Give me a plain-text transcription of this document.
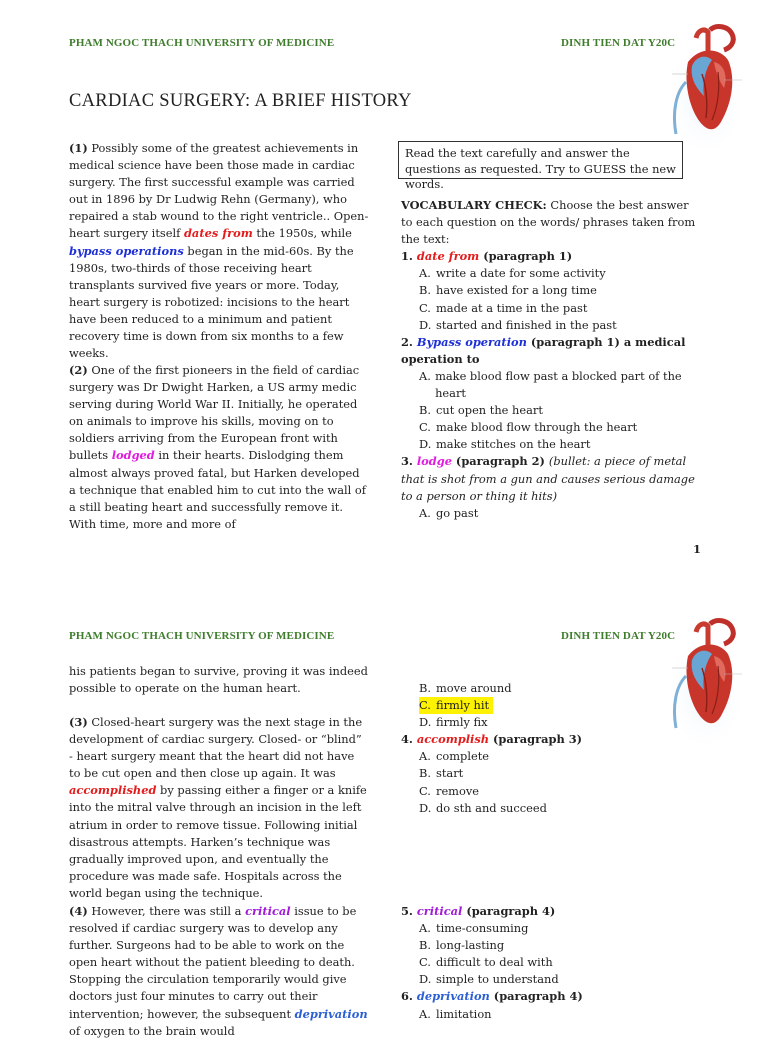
PHAM NGOC THACH UNIVERSITY OF MEDICINE	DINH TIEN DAT Y20C
CARDIAC SURGERY: A BRIEF HISTORY

(1) Possibly some of the greatest achievements in medical science have been those made in cardiac surgery. The first successful example was carried out in 1896 by Dr Ludwig Rehn (Germany), who repaired a stab wound to the right ventricle.. Open-heart surgery itself dates from the 1950s, while bypass operations began in the mid-60s. By the 1980s, two-thirds of those receiving heart transplants survived five years or more. Today, heart surgery is robotized: incisions to the heart have been reduced to a minimum and patient recovery time is down from six months to a few weeks.

(2) One of the first pioneers in the field of cardiac surgery was Dr Dwight Harken, a US army medic serving during World War II. Initially, he operated on animals to improve his skills, moving on to soldiers arriving from the European front with bullets lodged in their hearts. Dislodging them almost always proved fatal, but Harken developed a technique that enabled him to cut into the wall of a still beating heart and successfully remove it. With time, more and more of

Read the text carefully and answer the questions as requested. Try to GUESS the new words.

VOCABULARY CHECK: Choose the best answer to each question on the words/ phrases taken from the text:

1. date from (paragraph 1)

A. write a date for some activity
B. have existed for a long time
C. made at a time in the past
D. started and finished in the past

2. Bypass operation (paragraph 1) a medical operation to

A. make blood flow past a blocked part of the heart
B. cut open the heart
C. make blood flow through the heart
D. make stitches on the heart

3. lodge (paragraph 2) (bullet: a piece of metal that is shot from a gun and causes serious damage to a person or thing it hits)

A. go past
1
PHAM NGOC THACH UNIVERSITY OF MEDICINE	DINH TIEN DAT Y20C

his patients began to survive, proving it was indeed possible to operate on the human heart.

(3) Closed-heart surgery was the next stage in the development of cardiac surgery. Closed- or “blind” - heart surgery meant that the heart did not have to be cut open and then close up again. It was accomplished by passing either a finger or a knife into the mitral valve through an incision in the left atrium in order to remove tissue. Following initial disastrous attempts. Harken’s technique was gradually improved upon, and eventually the procedure was made safe. Hospitals across the world began using the technique.

(4) However, there was still a critical issue to be resolved if cardiac surgery was to develop any further. Surgeons had to be able to work on the open heart without the patient bleeding to death. Stopping the circulation temporarily would give doctors just four minutes to carry out their intervention; however, the subsequent deprivation of oxygen to the brain would

B. move around
C. firmly hit
D. firmly fix

4. accomplish (paragraph 3)

A. complete
B. start
C. remove
D. do sth and succeed

5. critical (paragraph 4)

A. time-consuming
B. long-lasting
C. difficult to deal with
D. simple to understand

6. deprivation (paragraph 4)

A. limitation
